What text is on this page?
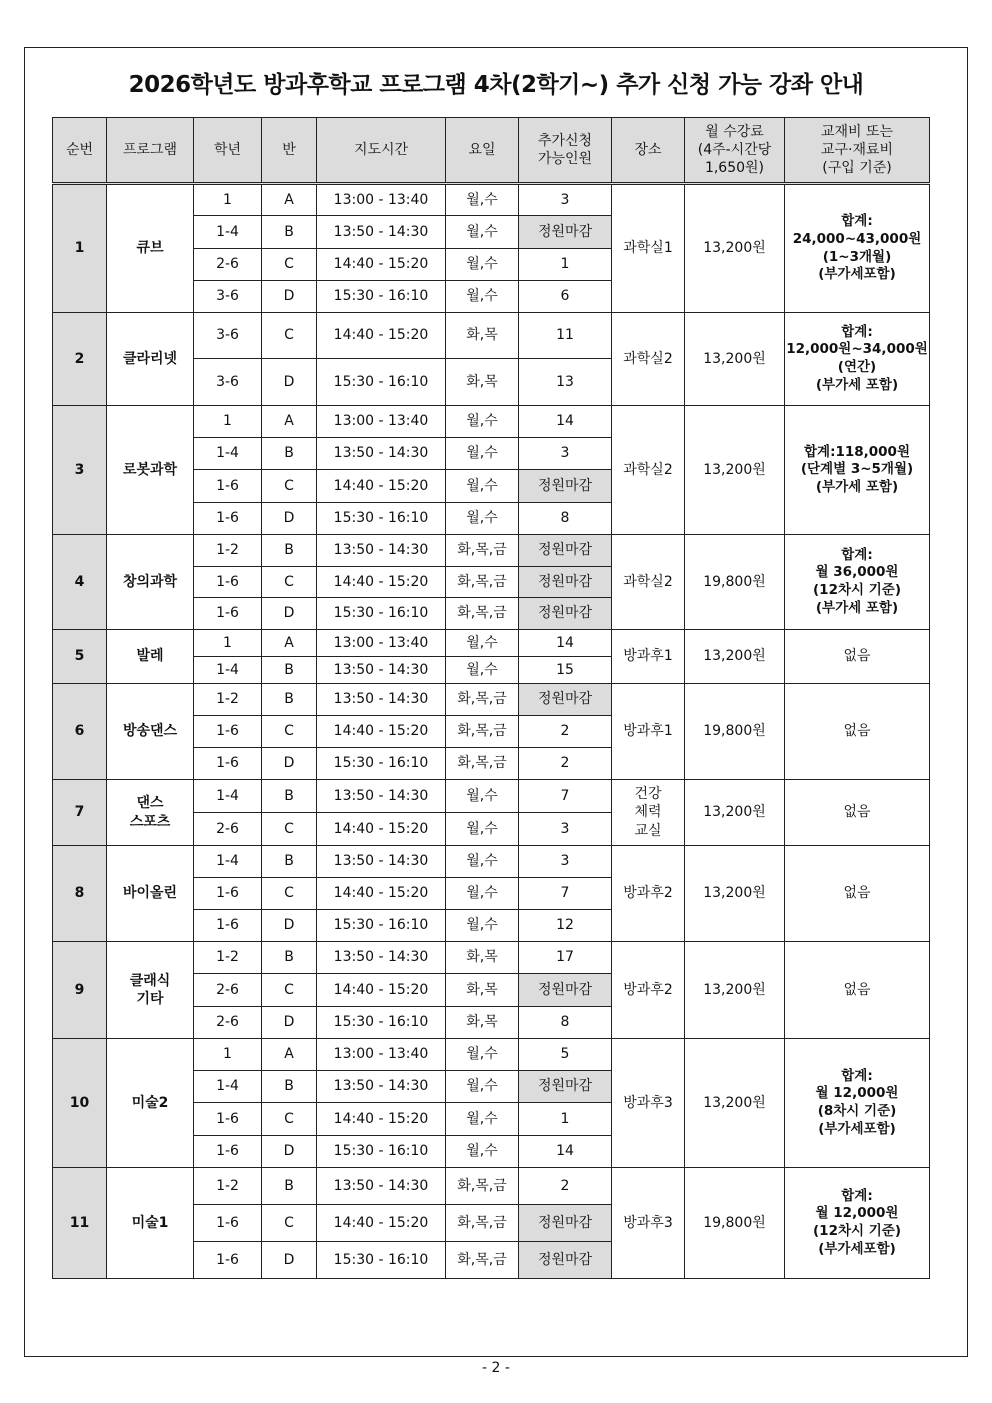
2026학년도 방과후학교 프로그램 4차(2학기~) 추가 신청 가능 강좌 안내
순번	프로그램	학년	반	지도시간	요일	추가신청
가능인원	장소	월 수강료
(4주-시간당
1,650원)	교재비 또는
교구·재료비
(구입 기준)
1	큐브	1	A	13:00 - 13:40	월,수	3	과학실1	13,200원	합계:
24,000~43,000원
(1~3개월)
(부가세포함)
		1-4	B	13:50 - 14:30	월,수	정원마감			
		2-6	C	14:40 - 15:20	월,수	1			
		3-6	D	15:30 - 16:10	월,수	6			
2	클라리넷	3-6	C	14:40 - 15:20	화,목	11	과학실2	13,200원	합계:
12,000원~34,000원
(연간)
(부가세 포함)
		3-6	D	15:30 - 16:10	화,목	13			
3	로봇과학	1	A	13:00 - 13:40	월,수	14	과학실2	13,200원	합계:118,000원
(단계별 3~5개월)
(부가세 포함)
		1-4	B	13:50 - 14:30	월,수	3			
		1-6	C	14:40 - 15:20	월,수	정원마감			
		1-6	D	15:30 - 16:10	월,수	8			
4	창의과학	1-2	B	13:50 - 14:30	화,목,금	정원마감	과학실2	19,800원	합계:
월 36,000원
(12차시 기준)
(부가세 포함)
		1-6	C	14:40 - 15:20	화,목,금	정원마감			
		1-6	D	15:30 - 16:10	화,목,금	정원마감			
5	발레	1	A	13:00 - 13:40	월,수	14	방과후1	13,200원	없음
		1-4	B	13:50 - 14:30	월,수	15			
6	방송댄스	1-2	B	13:50 - 14:30	화,목,금	정원마감	방과후1	19,800원	없음
		1-6	C	14:40 - 15:20	화,목,금	2			
		1-6	D	15:30 - 16:10	화,목,금	2			
7	댄스
스포츠	1-4	B	13:50 - 14:30	월,수	7	건강
체력
교실	13,200원	없음
		2-6	C	14:40 - 15:20	월,수	3			
8	바이올린	1-4	B	13:50 - 14:30	월,수	3	방과후2	13,200원	없음
		1-6	C	14:40 - 15:20	월,수	7			
		1-6	D	15:30 - 16:10	월,수	12			
9	클래식
기타	1-2	B	13:50 - 14:30	화,목	17	방과후2	13,200원	없음
		2-6	C	14:40 - 15:20	화,목	정원마감			
		2-6	D	15:30 - 16:10	화,목	8			
10	미술2	1	A	13:00 - 13:40	월,수	5	방과후3	13,200원	합계:
월 12,000원
(8차시 기준)
(부가세포함)
		1-4	B	13:50 - 14:30	월,수	정원마감			
		1-6	C	14:40 - 15:20	월,수	1			
		1-6	D	15:30 - 16:10	월,수	14			
11	미술1	1-2	B	13:50 - 14:30	화,목,금	2	방과후3	19,800원	합계:
월 12,000원
(12차시 기준)
(부가세포함)
		1-6	C	14:40 - 15:20	화,목,금	정원마감			
		1-6	D	15:30 - 16:10	화,목,금	정원마감			
- 2 -
